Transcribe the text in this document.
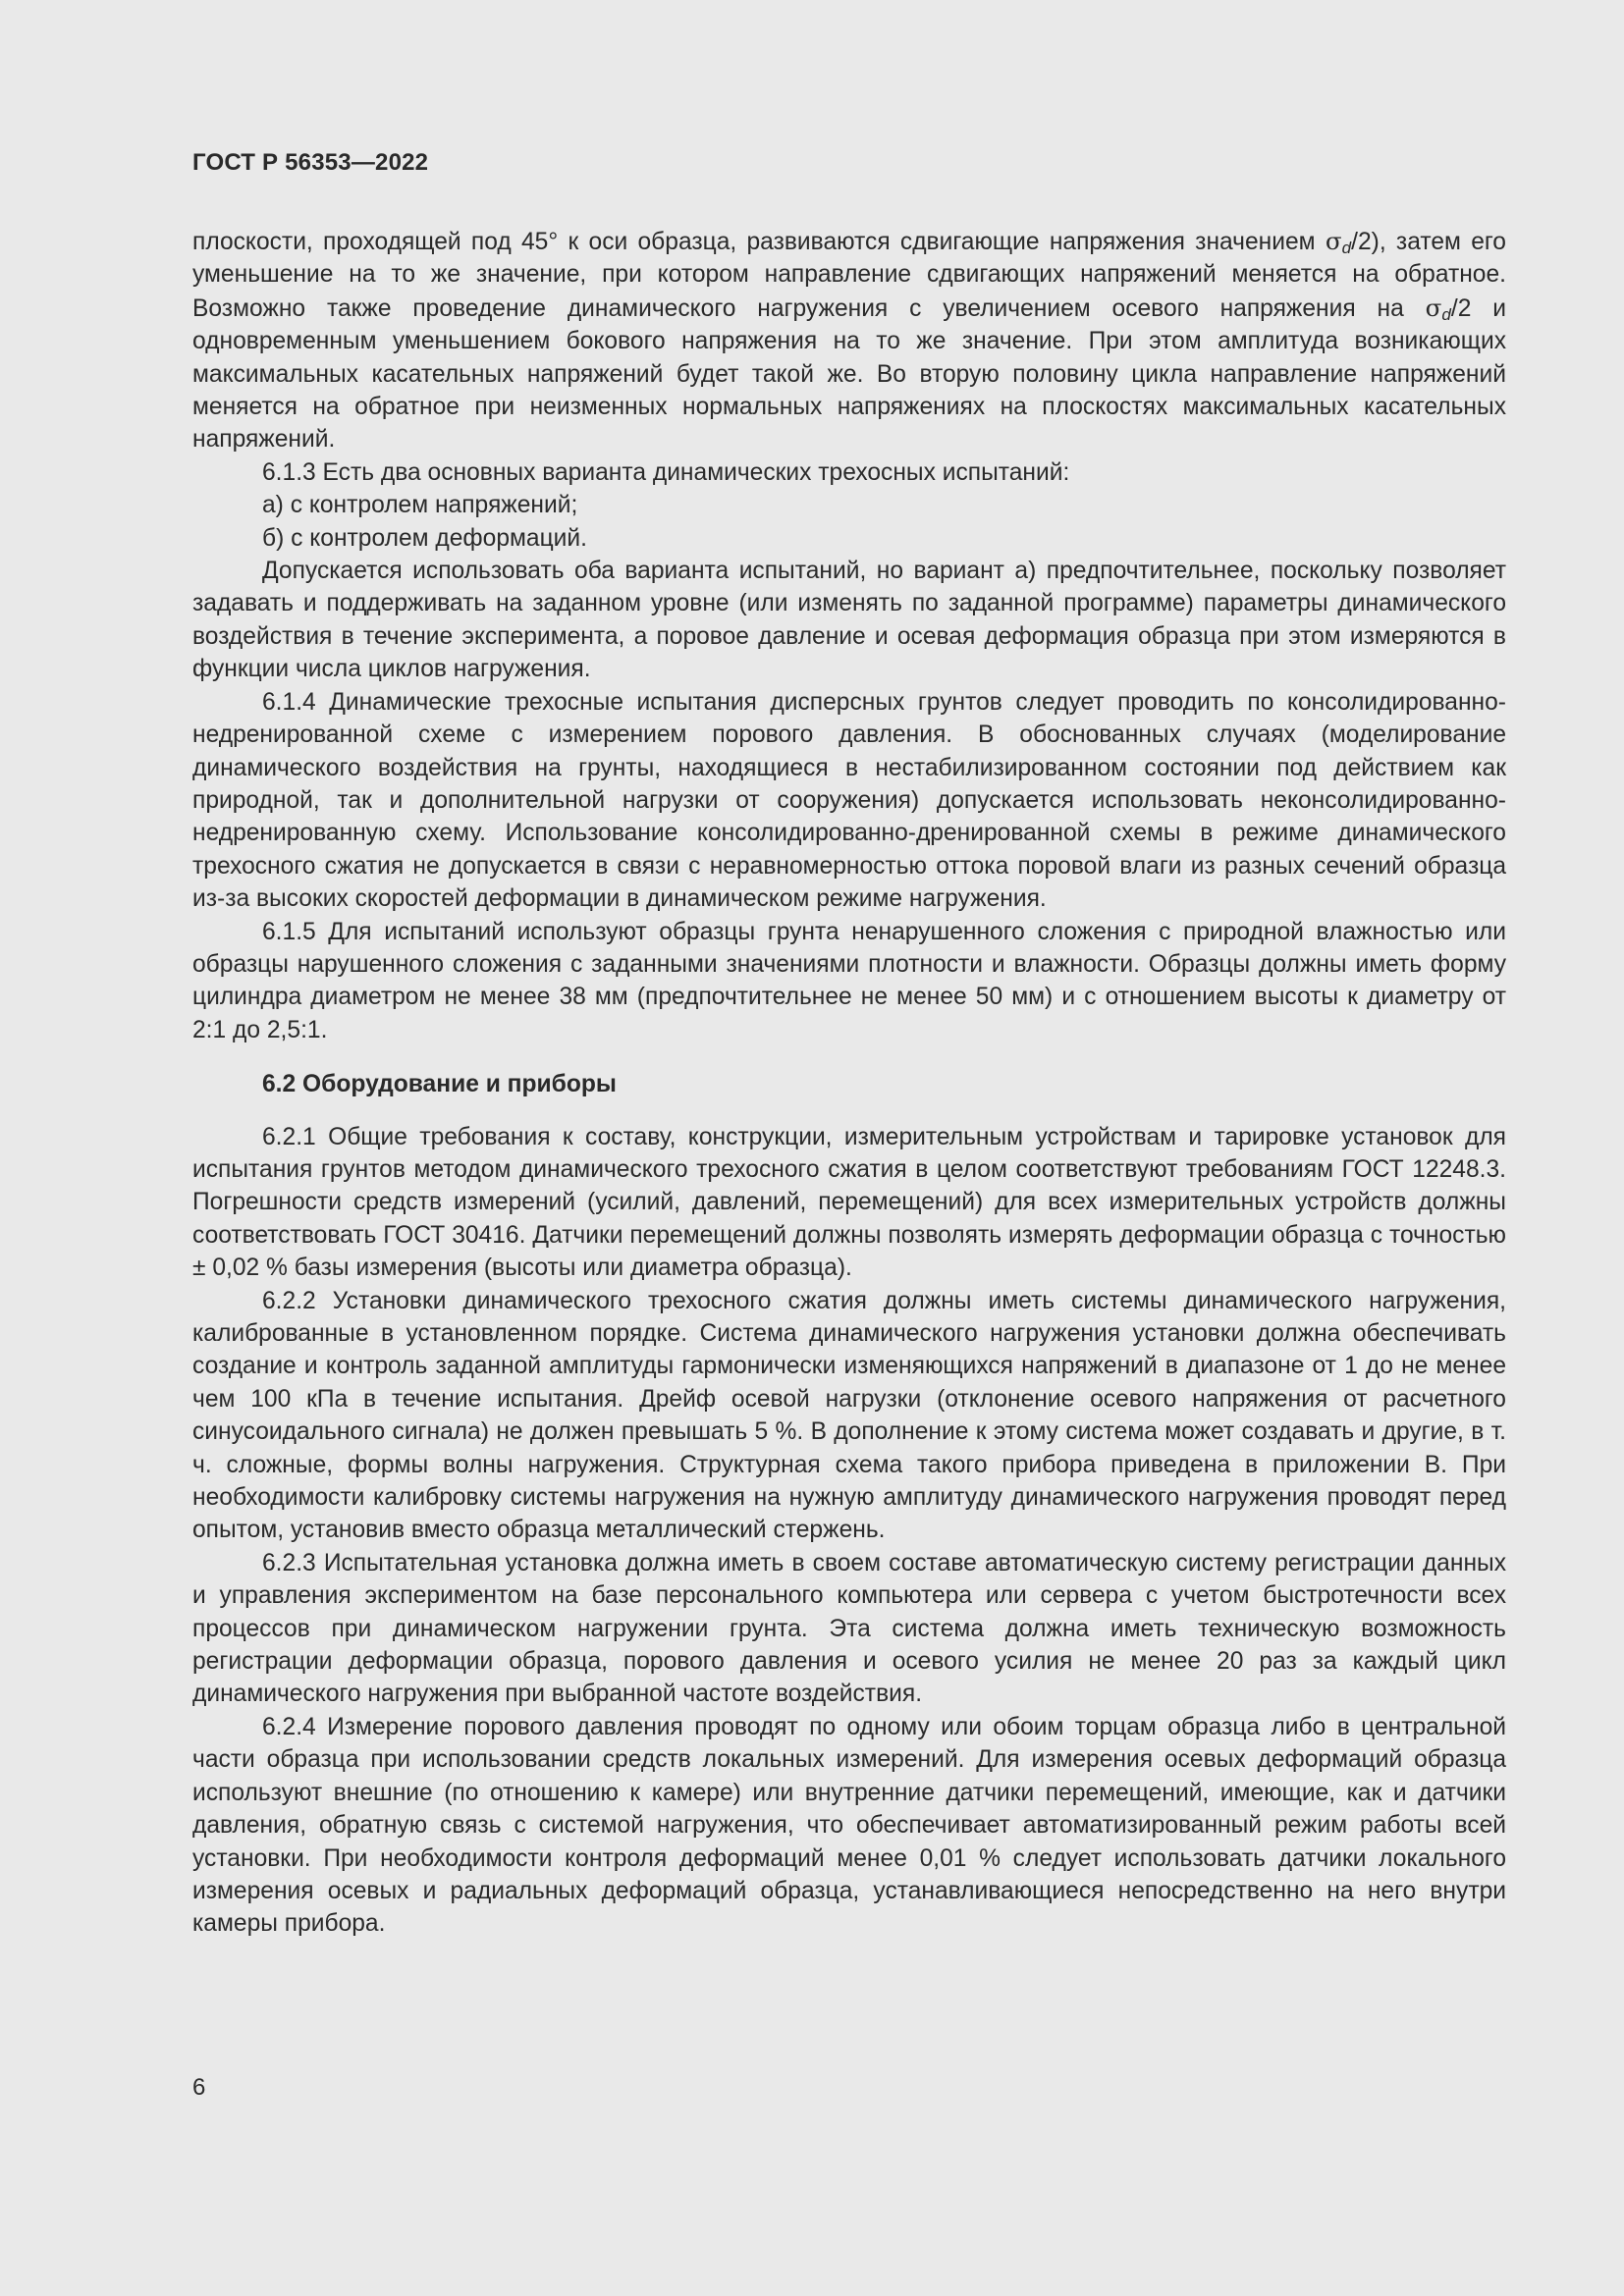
ГОСТ Р 56353—2022

плоскости, проходящей под 45° к оси образца, развиваются сдвигающие напряжения значением $\sigma_d/2$), затем его уменьшение на то же значение, при котором направление сдвигающих напряжений меняется на обратное. Возможно также проведение динамического нагружения с увеличением осевого напряжения на $\sigma_d/2$ и одновременным уменьшением бокового напряжения на то же значение. При этом амплитуда возникающих максимальных касательных напряжений будет такой же. Во вторую половину цикла направление напряжений меняется на обратное при неизменных нормальных напряжениях на плоскостях максимальных касательных напряжений.

6.1.3 Есть два основных варианта динамических трехосных испытаний:

а) с контролем напряжений;

б) с контролем деформаций.

Допускается использовать оба варианта испытаний, но вариант а) предпочтительнее, поскольку позволяет задавать и поддерживать на заданном уровне (или изменять по заданной программе) параметры динамического воздействия в течение эксперимента, а поровое давление и осевая деформация образца при этом измеряются в функции числа циклов нагружения.

6.1.4 Динамические трехосные испытания дисперсных грунтов следует проводить по консолидированно-недренированной схеме с измерением порового давления. В обоснованных случаях (моделирование динамического воздействия на грунты, находящиеся в нестабилизированном состоянии под действием как природной, так и дополнительной нагрузки от сооружения) допускается использовать неконсолидированно-недренированную схему. Использование консолидированно-дренированной схемы в режиме динамического трехосного сжатия не допускается в связи с неравномерностью оттока поровой влаги из разных сечений образца из-за высоких скоростей деформации в динамическом режиме нагружения.

6.1.5 Для испытаний используют образцы грунта ненарушенного сложения с природной влажностью или образцы нарушенного сложения с заданными значениями плотности и влажности. Образцы должны иметь форму цилиндра диаметром не менее 38 мм (предпочтительнее не менее 50 мм) и с отношением высоты к диаметру от 2:1 до 2,5:1.

6.2 Оборудование и приборы

6.2.1 Общие требования к составу, конструкции, измерительным устройствам и тарировке установок для испытания грунтов методом динамического трехосного сжатия в целом соответствуют требованиям ГОСТ 12248.3. Погрешности средств измерений (усилий, давлений, перемещений) для всех измерительных устройств должны соответствовать ГОСТ 30416. Датчики перемещений должны позволять измерять деформации образца с точностью ± 0,02 % базы измерения (высоты или диаметра образца).

6.2.2 Установки динамического трехосного сжатия должны иметь системы динамического нагружения, калиброванные в установленном порядке. Система динамического нагружения установки должна обеспечивать создание и контроль заданной амплитуды гармонически изменяющихся напряжений в диапазоне от 1 до не менее чем 100 кПа в течение испытания. Дрейф осевой нагрузки (отклонение осевого напряжения от расчетного синусоидального сигнала) не должен превышать 5 %. В дополнение к этому система может создавать и другие, в т. ч. сложные, формы волны нагружения. Структурная схема такого прибора приведена в приложении В. При необходимости калибровку системы нагружения на нужную амплитуду динамического нагружения проводят перед опытом, установив вместо образца металлический стержень.

6.2.3 Испытательная установка должна иметь в своем составе автоматическую систему регистрации данных и управления экспериментом на базе персонального компьютера или сервера с учетом быстротечности всех процессов при динамическом нагружении грунта. Эта система должна иметь техническую возможность регистрации деформации образца, порового давления и осевого усилия не менее 20 раз за каждый цикл динамического нагружения при выбранной частоте воздействия.

6.2.4 Измерение порового давления проводят по одному или обоим торцам образца либо в центральной части образца при использовании средств локальных измерений. Для измерения осевых деформаций образца используют внешние (по отношению к камере) или внутренние датчики перемещений, имеющие, как и датчики давления, обратную связь с системой нагружения, что обеспечивает автоматизированный режим работы всей установки. При необходимости контроля деформаций менее 0,01 % следует использовать датчики локального измерения осевых и радиальных деформаций образца, устанавливающиеся непосредственно на него внутри камеры прибора.

6
